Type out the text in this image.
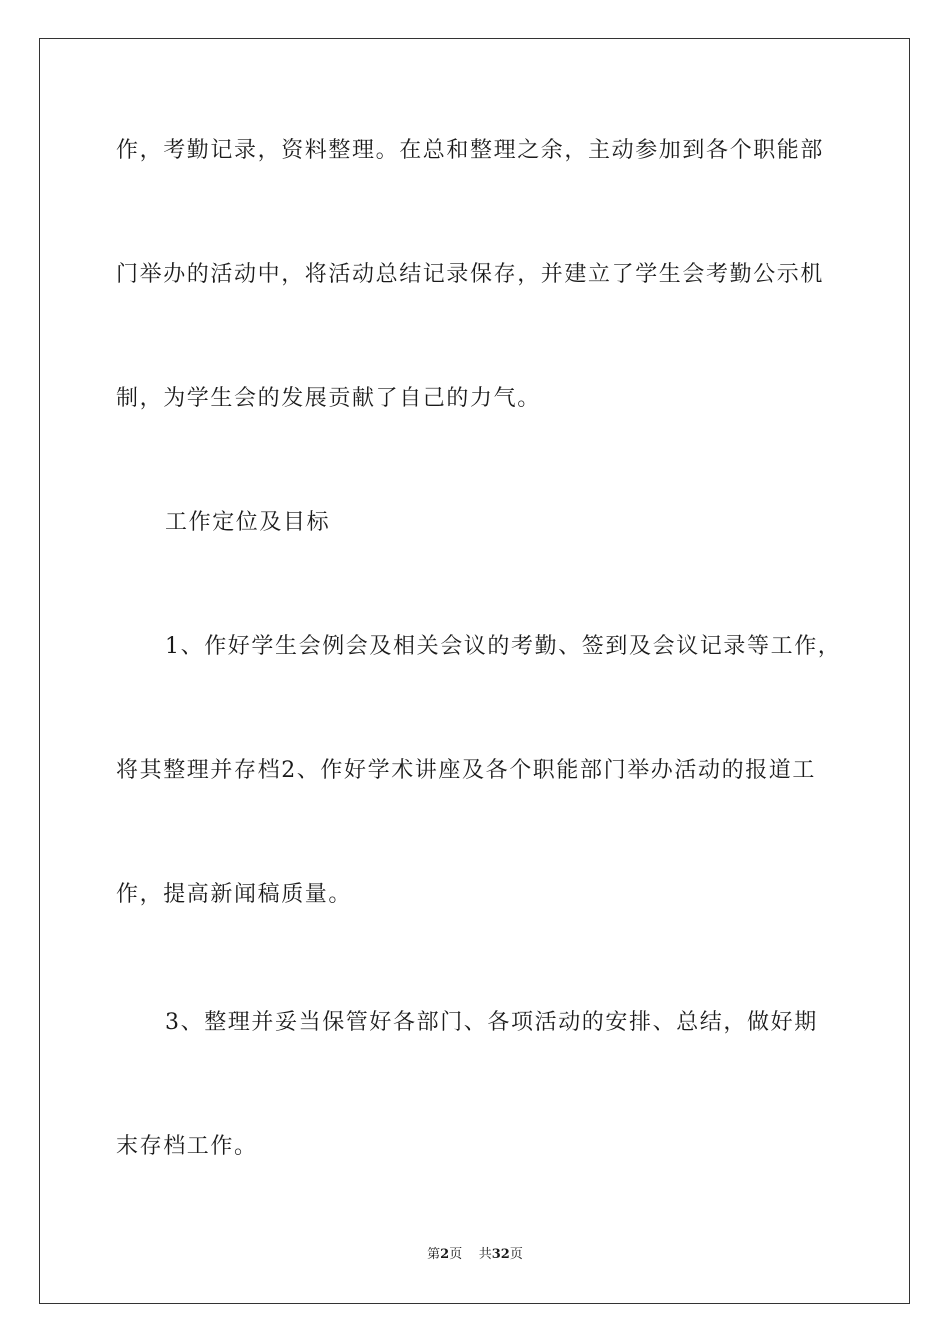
作，考勤记录，资料整理。在总和整理之余，主动参加到各个职能部
门举办的活动中，将活动总结记录保存，并建立了学生会考勤公示机
制，为学生会的发展贡献了自己的力气。
工作定位及目标
1、作好学生会例会及相关会议的考勤、签到及会议记录等工作，
将其整理并存档2、作好学术讲座及各个职能部门举办活动的报道工
作，提高新闻稿质量。
3、整理并妥当保管好各部门、各项活动的安排、总结，做好期
末存档工作。
第2页 共32页
